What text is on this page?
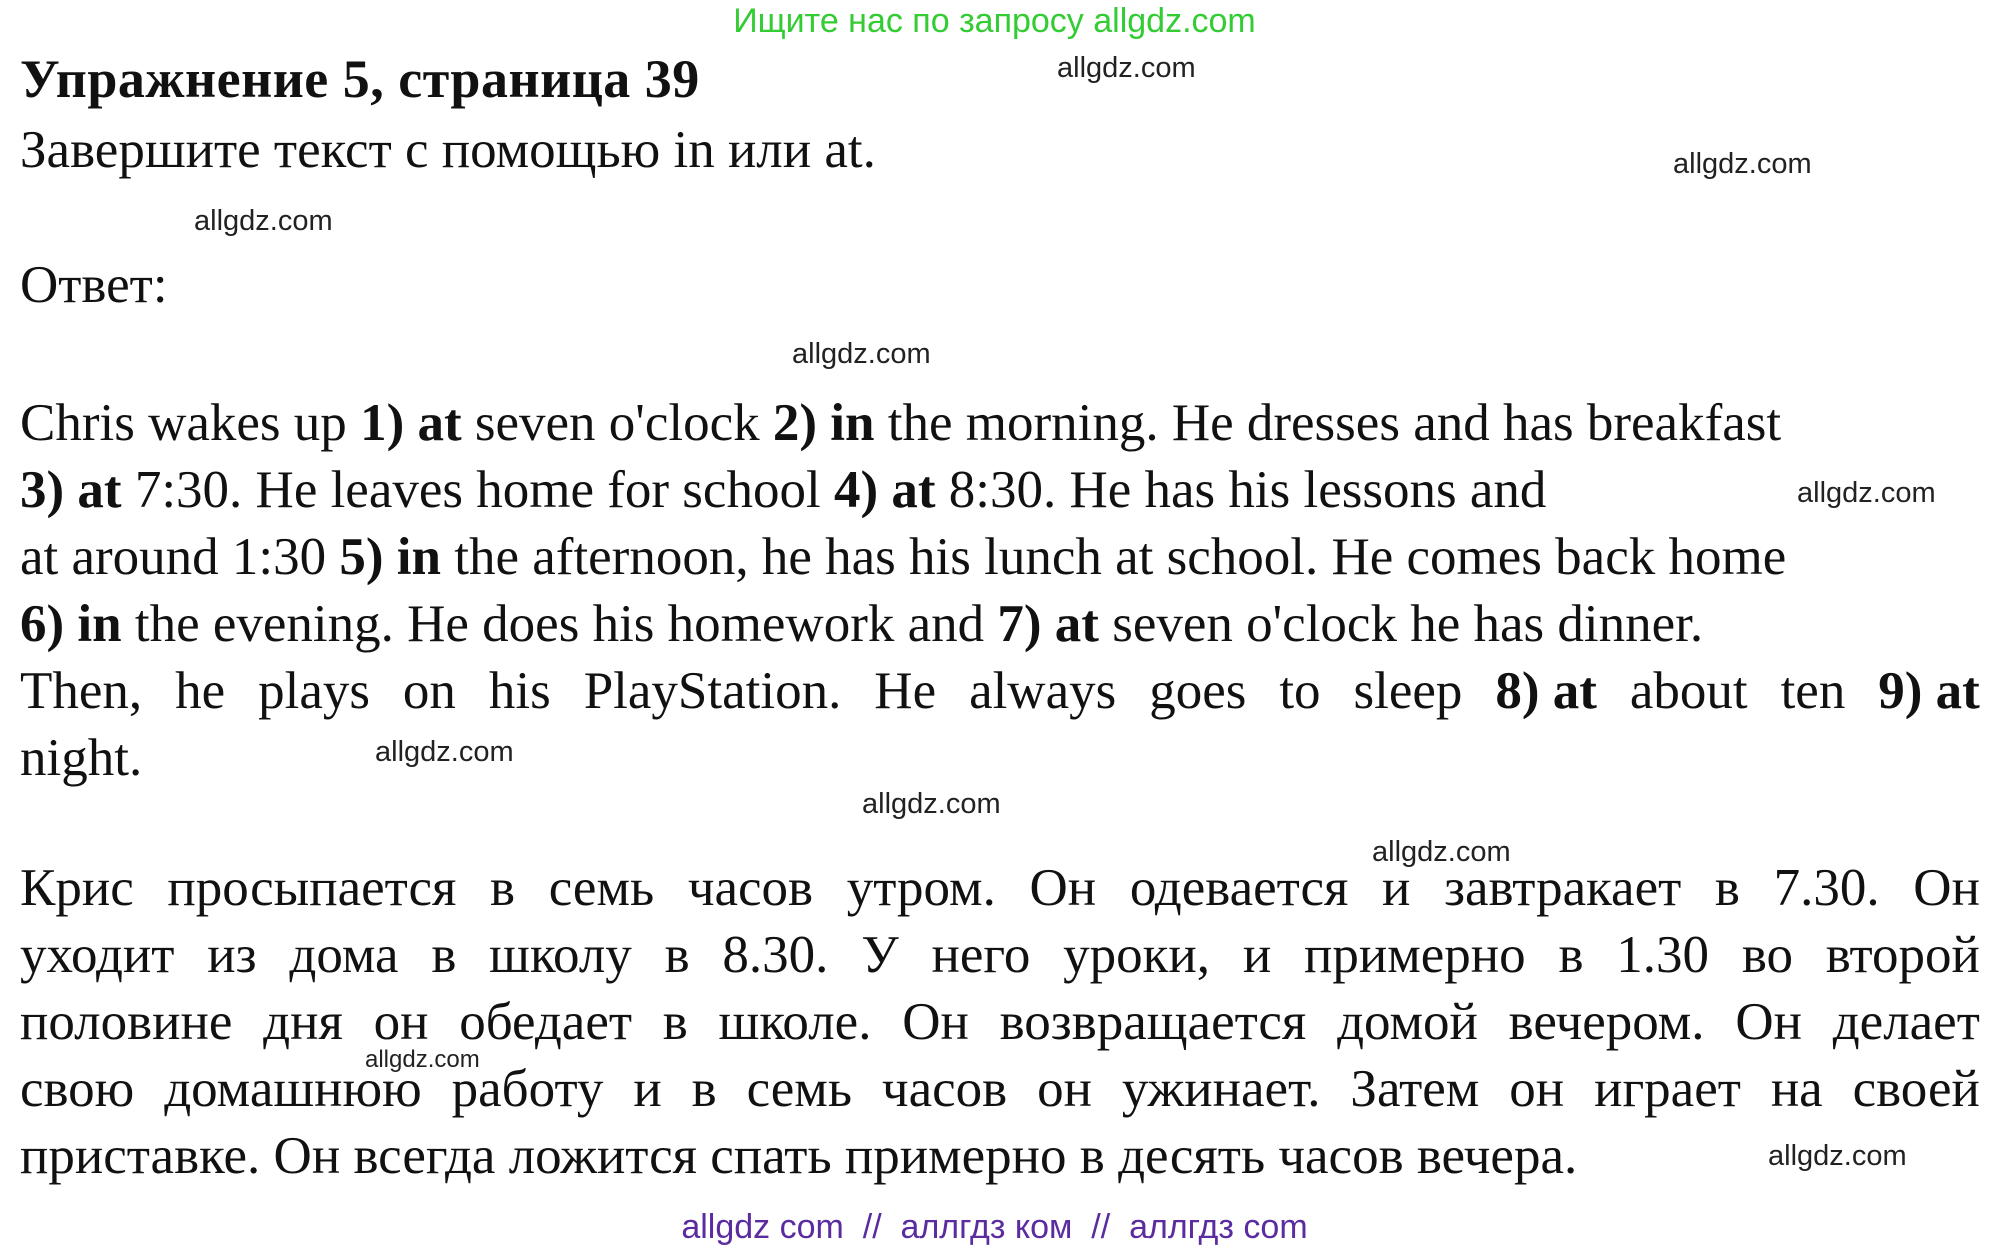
Ищите нас по запросу allgdz.com
Упражнение 5, страница 39
Завершите текст с помощью in или at.
Ответ:
Chris wakes up 1) at seven o'clock 2) in the morning. He dresses and has breakfast
3) at 7:30. He leaves home for school 4) at 8:30. He has his lessons and
at around 1:30 5) in the afternoon, he has his lunch at school. He comes back home
6) in the evening. He does his homework and 7) at seven o'clock he has dinner.
Then, he plays on his PlayStation. He always goes to sleep 8) at about ten 9) at
night.
Крис просыпается в семь часов утром. Он одевается и завтракает в 7.30. Он
уходит из дома в школу в 8.30. У него уроки, и примерно в 1.30 во второй
половине дня он обедает в школе. Он возвращается домой вечером. Он делает
свою домашнюю работу и в семь часов он ужинает. Затем он играет на своей
приставке. Он всегда ложится спать примерно в десять часов вечера.
allgdz.com
allgdz.com
allgdz.com
allgdz.com
allgdz.com
allgdz.com
allgdz.com
allgdz.com
allgdz.com
allgdz.com
allgdz com  //  аллгдз ком  //  аллгдз com
